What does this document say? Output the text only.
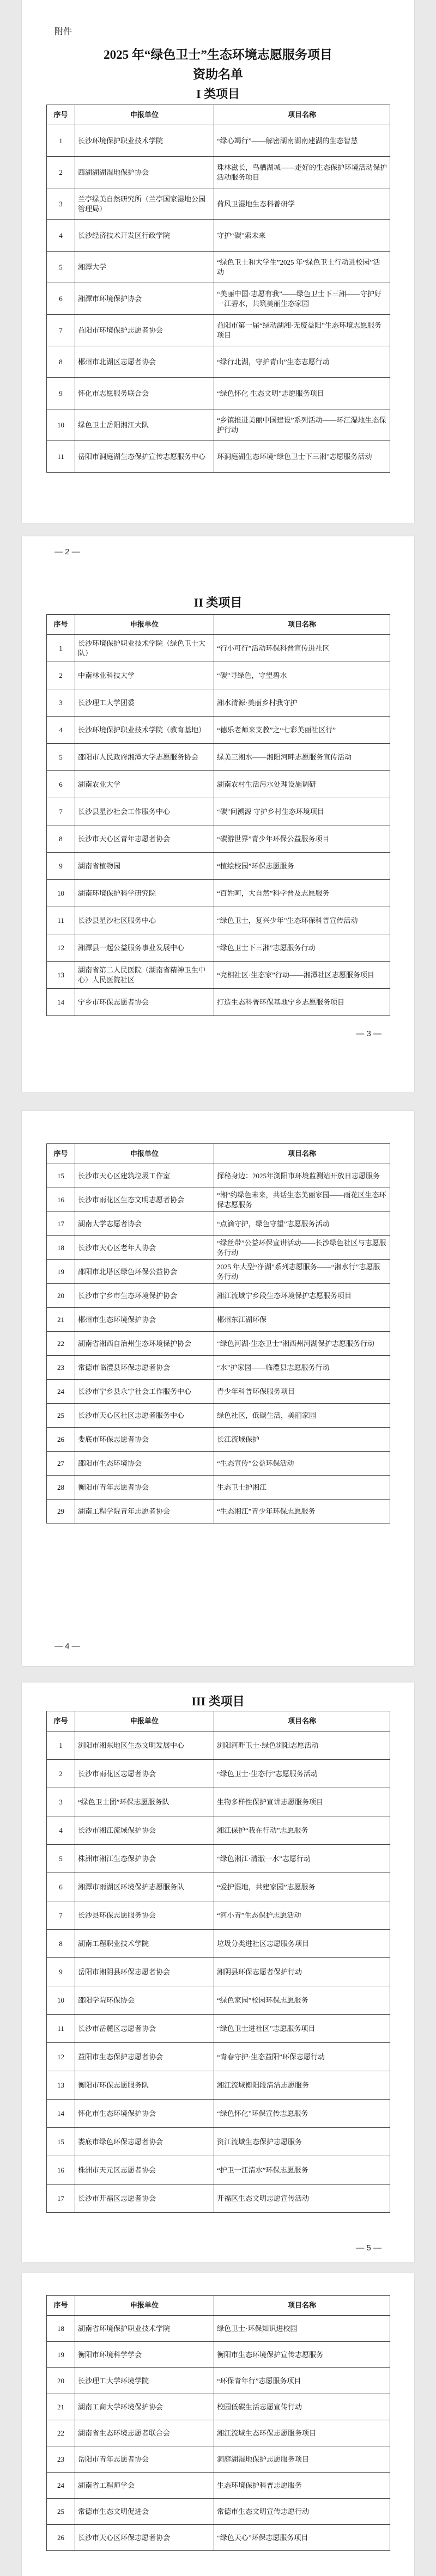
附件
2025 年“绿色卫士”生态环境志愿服务项目
资助名单
I 类项目
序号	申报单位	项目名称
1	长沙环境保护职业技术学院	“绿心竭行”——解密湖南湖南建湖的生态智慧
2	西湖湖湖湿地保护协会	珠林滋长，鸟栖湖城——走好的生态保护环境活动保护活动服务项目
3	兰亭绿美自然研究所（兰亭国家湿地公园管理局）	荷风卫湿地生态科普研学
4	长沙经济技术开发区行政学院	守护“碳”索未来
5	湘潭大学	“绿色卫士和大学生”2025 年“绿色卫士行动进校园”活动
6	湘潭市环境保护协会	“美丽中国·志愿有我”——绿色卫士下三湘——守护好一江碧水，共筑美丽生态家园
7	益阳市环境保护志愿者协会	益阳市第一届“绿动湖湘·无废益阳”生态环境志愿服务项目
8	郴州市北湖区志愿者协会	“绿行北湖，守护青山”生态志愿行动
9	怀化市志愿服务联合会	“绿色怀化 生态文明”志愿服务项目
10	绿色卫士岳阳湘江大队	“乡镇推进美丽中国建设”系列活动——环江湿地生态保护行动
11	岳阳市洞庭湖生态保护宣传志愿服务中心	环洞庭湖生态环境“绿色卫士下三湘”志愿服务活动
— 2 —
II 类项目
序号	申报单位	项目名称
1	长沙环境保护职业技术学院（绿色卫士大队）	“行小可行”活动环保科普宣传进社区
2	中南林业科技大学	“碳”寻绿色，守望碧水
3	长沙理工大学团委	湘水清源·美丽乡村我守护
4	长沙环境保护职业技术学院（教育基地）	“德乐老师来支教”之“七彩美丽社区行”
5	邵阳市人民政府湘潭大学志愿服务协会	绿美三湘水——湘阳河畔志愿服务宣传活动
6	湖南农业大学	湖南农村生活污水处理设施调研
7	长沙县星沙社会工作服务中心	“碳”问溯源 守护乡村生态环境项目
8	长沙市天心区青年志愿者协会	“碳游世界”青少年环保公益服务项目
9	湖南省植物园	“植绘校园”环保志愿服务
10	湖南环境保护科学研究院	“百姓呵，大自然”科学普及志愿服务
11	长沙县星沙社区服务中心	“绿色卫士，复兴少年”生态环保科普宣传活动
12	湘潭县一起公益服务事业发展中心	“绿色卫士下三湘”志愿服务行动
13	湖南省第二人民医院（湖南省精神卫生中心）人民医院社区	“亮相社区·生态家”行动——湘潭社区志愿服务项目
14	宁乡市环保志愿者协会	打造生态科普环保基地宁乡志愿服务项目
— 3 —
序号	申报单位	项目名称
15	长沙市天心区建筑垃圾工作室	探秘身边：2025年浏阳市环境监测站开放日志愿服务
16	长沙市雨花区生态文明志愿者协会	“湘”约绿色未来，共话生态美丽家园——雨花区生态环保志愿服务
17	湖南大学志愿者协会	“点滴守护，绿色守望”志愿服务活动
18	长沙市天心区老年人协会	“绿丝带”公益环保宣讲活动——长沙绿色社区与志愿服务行动
19	邵阳市北塔区绿色环保公益协会	2025 年大型“净湖”系列志愿服务——“湘水行”志愿服务行动
20	长沙市宁乡市生态环境保护协会	湘江流域宁乡段生态环境保护志愿服务项目
21	郴州市生态环境保护协会	郴州东江湖环保
22	湖南省湘西自治州生态环境保护协会	“绿色河湖·生态卫士”湘西州河湖保护志愿服务行动
23	常德市临澧县环保志愿者协会	“水”护家园——临澧县志愿服务行动
24	长沙市宁乡县永宁社会工作服务中心	青少年科普环保服务项目
25	长沙市天心区社区志愿者服务中心	绿色社区，低碳生活，美丽家园
26	娄底市环保志愿者协会	长江流域保护
27	邵阳市生态环境协会	“生态宣传”公益环保活动
28	衡阳市青年志愿者协会	生态卫士护湘江
29	湖南工程学院青年志愿者协会	“生态湘江”青少年环保志愿服务
— 4 —
III 类项目
序号	申报单位	项目名称
1	浏阳市湘东地区生态文明发展中心	浏阳河畔卫士·绿色浏阳志愿活动
2	长沙市雨花区志愿者协会	“绿色卫士·生态行”志愿服务活动
3	“绿色卫士团”环保志愿服务队	生物多样性保护宣讲志愿服务项目
4	长沙市湘江流域保护协会	湘江保护“我在行动”志愿服务
5	株洲市湘江生态保护协会	“绿色湘江·清澈一水”志愿行动
6	湘潭市雨湖区环境保护志愿服务队	“爱护湿地，共建家园”志愿服务
7	长沙县环保志愿服务协会	“河小青”生态保护志愿活动
8	湖南工程职业技术学院	垃圾分类进社区志愿服务项目
9	岳阳市湘阴县环保志愿者协会	湘阴县环保志愿者保护行动
10	邵阳学院环保协会	“绿色家园”校园环保志愿服务
11	长沙市岳麓区志愿者协会	“绿色卫士进社区”志愿服务项目
12	益阳市生态保护志愿者协会	“青春守护·生态益阳”环保志愿行动
13	衡阳市环保志愿服务队	湘江流域衡阳段清洁志愿服务
14	怀化市生态环境保护协会	“绿色怀化”环保宣传志愿服务
15	娄底市绿色环保志愿者协会	资江流域生态保护志愿服务
16	株洲市天元区志愿者协会	“护卫一江清水”环保志愿服务
17	长沙市开福区志愿者协会	开福区生态文明志愿宣传活动
— 5 —
序号	申报单位	项目名称
18	湖南省环境保护职业技术学院	绿色卫士·环保知识进校园
19	衡阳市环境科学学会	衡阳市生态环境保护宣传志愿服务
20	长沙理工大学环境学院	“环保青年行”志愿服务项目
21	湖南工商大学环境保护协会	校园低碳生活志愿宣传行动
22	湖南省生态环境志愿者联合会	湘江流域生态环保志愿服务项目
23	岳阳市青年志愿者协会	洞庭湖湿地保护志愿服务项目
24	湖南省工程师学会	生态环境保护科普志愿服务
25	常德市生态文明促进会	常德市生态文明宣传志愿行动
26	长沙市天心区环保志愿者协会	“绿色天心”环保志愿服务项目
